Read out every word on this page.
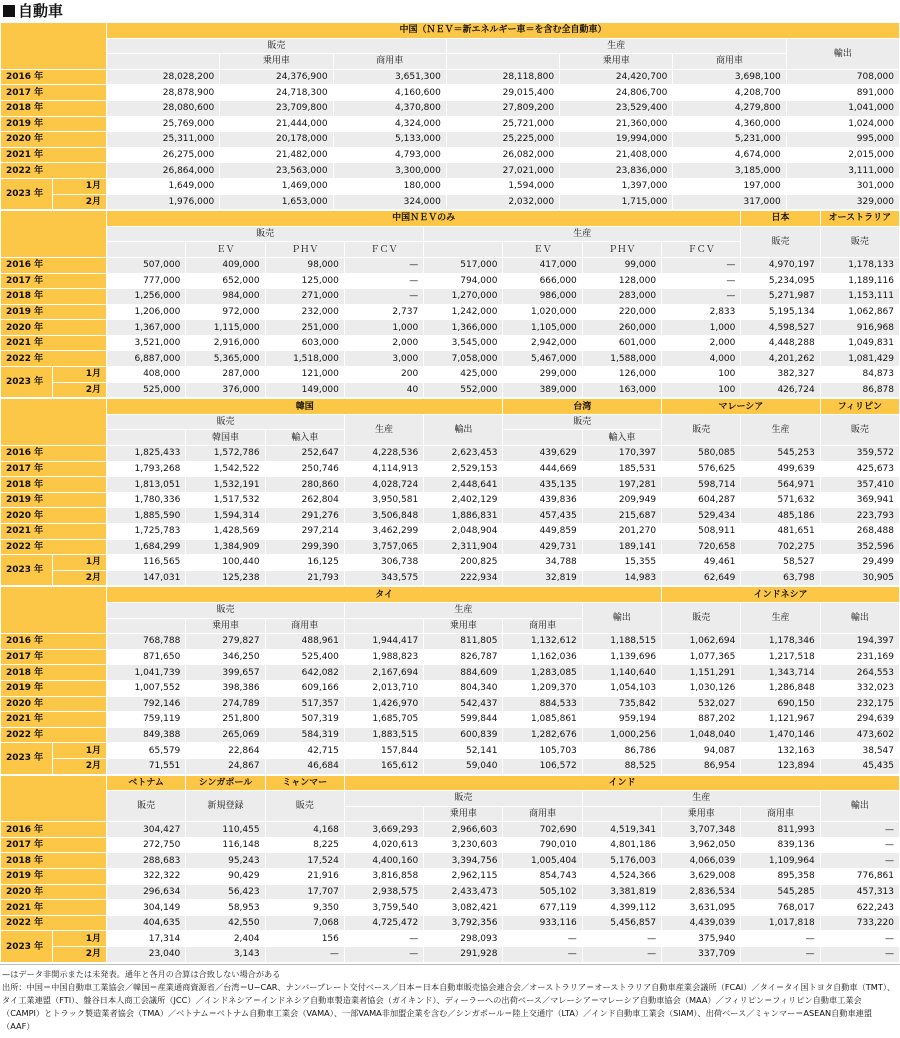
自動車
		中国（ＮＥＶ＝新エネルギー車＝を含む全自動車）						
		販売			生産			輸出
			乗用車	商用車		乗用車	商用車	
2016 年		28,028,200	24,376,900	3,651,300	28,118,800	24,420,700	3,698,100	708,000
2017 年		28,878,900	24,718,300	4,160,600	29,015,400	24,806,700	4,208,700	891,000
2018 年		28,080,600	23,709,800	4,370,800	27,809,200	23,529,400	4,279,800	1,041,000
2019 年		25,769,000	21,444,000	4,324,000	25,721,000	21,360,000	4,360,000	1,024,000
2020 年		25,311,000	20,178,000	5,133,000	25,225,000	19,994,000	5,231,000	995,000
2021 年		26,275,000	21,482,000	4,793,000	26,082,000	21,408,000	4,674,000	2,015,000
2022 年		26,864,000	23,563,000	3,300,000	27,021,000	23,836,000	3,185,000	3,111,000
2023 年	1月	1,649,000	1,469,000	180,000	1,594,000	1,397,000	197,000	301,000
	2月	1,976,000	1,653,000	324,000	2,032,000	1,715,000	317,000	329,000
		中国ＮＥＶのみ								日本	オーストラリア
		販売				生産				販売	販売
			ＥＶ	ＰＨＶ	ＦＣＶ		ＥＶ	ＰＨＶ	ＦＣＶ		
2016 年		507,000	409,000	98,000	—	517,000	417,000	99,000	—	4,970,197	1,178,133
2017 年		777,000	652,000	125,000	—	794,000	666,000	128,000	—	5,234,095	1,189,116
2018 年		1,256,000	984,000	271,000	—	1,270,000	986,000	283,000	—	5,271,987	1,153,111
2019 年		1,206,000	972,000	232,000	2,737	1,242,000	1,020,000	220,000	2,833	5,195,134	1,062,867
2020 年		1,367,000	1,115,000	251,000	1,000	1,366,000	1,105,000	260,000	1,000	4,598,527	916,968
2021 年		3,521,000	2,916,000	603,000	2,000	3,545,000	2,942,000	601,000	2,000	4,448,288	1,049,831
2022 年		6,887,000	5,365,000	1,518,000	3,000	7,058,000	5,467,000	1,588,000	4,000	4,201,262	1,081,429
2023 年	1月	408,000	287,000	121,000	200	425,000	299,000	126,000	100	382,327	84,873
	2月	525,000	376,000	149,000	40	552,000	389,000	163,000	100	426,724	86,878
		韓国					台湾		マレーシア		フィリピン
		販売			生産	輸出	販売		販売	生産	販売
			韓国車	輸入車				輸入車			
2016 年		1,825,433	1,572,786	252,647	4,228,536	2,623,453	439,629	170,397	580,085	545,253	359,572
2017 年		1,793,268	1,542,522	250,746	4,114,913	2,529,153	444,669	185,531	576,625	499,639	425,673
2018 年		1,813,051	1,532,191	280,860	4,028,724	2,448,641	435,135	197,281	598,714	564,971	357,410
2019 年		1,780,336	1,517,532	262,804	3,950,581	2,402,129	439,836	209,949	604,287	571,632	369,941
2020 年		1,885,590	1,594,314	291,276	3,506,848	1,886,831	457,435	215,687	529,434	485,186	223,793
2021 年		1,725,783	1,428,569	297,214	3,462,299	2,048,904	449,859	201,270	508,911	481,651	268,488
2022 年		1,684,299	1,384,909	299,390	3,757,065	2,311,904	429,731	189,141	720,658	702,275	352,596
2023 年	1月	116,565	100,440	16,125	306,738	200,825	34,788	15,355	49,461	58,527	29,499
	2月	147,031	125,238	21,793	343,575	222,934	32,819	14,983	62,649	63,798	30,905
		タイ							インドネシア		
		販売			生産			輸出	販売	生産	輸出
			乗用車	商用車		乗用車	商用車				
2016 年		768,788	279,827	488,961	1,944,417	811,805	1,132,612	1,188,515	1,062,694	1,178,346	194,397
2017 年		871,650	346,250	525,400	1,988,823	826,787	1,162,036	1,139,696	1,077,365	1,217,518	231,169
2018 年		1,041,739	399,657	642,082	2,167,694	884,609	1,283,085	1,140,640	1,151,291	1,343,714	264,553
2019 年		1,007,552	398,386	609,166	2,013,710	804,340	1,209,370	1,054,103	1,030,126	1,286,848	332,023
2020 年		792,146	274,789	517,357	1,426,970	542,437	884,533	735,842	532,027	690,150	232,175
2021 年		759,119	251,800	507,319	1,685,705	599,844	1,085,861	959,194	887,202	1,121,967	294,639
2022 年		849,388	265,069	584,319	1,883,515	600,839	1,282,676	1,000,256	1,048,040	1,470,146	473,602
2023 年	1月	65,579	22,864	42,715	157,844	52,141	105,703	86,786	94,087	132,163	38,547
	2月	71,551	24,867	46,684	165,612	59,040	106,572	88,525	86,954	123,894	45,435
		ベトナム	シンガポール	ミャンマー	インド						
		販売	新規登録	販売	販売			生産			輸出
						乗用車	商用車		乗用車	商用車	
2016 年		304,427	110,455	4,168	3,669,293	2,966,603	702,690	4,519,341	3,707,348	811,993	—
2017 年		272,750	116,148	8,225	4,020,613	3,230,603	790,010	4,801,186	3,962,050	839,136	—
2018 年		288,683	95,243	17,524	4,400,160	3,394,756	1,005,404	5,176,003	4,066,039	1,109,964	—
2019 年		322,322	90,429	21,916	3,816,858	2,962,115	854,743	4,524,366	3,629,008	895,358	776,861
2020 年		296,634	56,423	17,707	2,938,575	2,433,473	505,102	3,381,819	2,836,534	545,285	457,313
2021 年		304,149	58,953	9,350	3,759,540	3,082,421	677,119	4,399,112	3,631,095	768,017	622,243
2022 年		404,635	42,550	7,068	4,725,472	3,792,356	933,116	5,456,857	4,439,039	1,017,818	733,220
2023 年	1月	17,314	2,404	156	—	298,093	—	—	375,940	—	—
	2月	23,040	3,143	—	—	291,928	—	—	337,709	—	—
—はデータ非開示または未発表。通年と各月の合算は合致しない場合がある
出所：中国＝中国自動車工業協会／韓国＝産業通商資源省／台湾＝U−CAR、ナンバープレート交付ベース／日本＝日本自動車販売協会連合会／オーストラリア＝オーストラリア自動車産業会議所（FCAI）／タイ＝タイ国トヨタ自動車（TMT）、タイ工業連盟（FTI）、盤谷日本人商工会議所（JCC）／インドネシア＝インドネシア自動車製造業者協会（ガイキンド）、ディーラーへの出荷ベース／マレーシア＝マレーシア自動車協会（MAA）／フィリピン＝フィリピン自動車工業会（CAMPI）とトラック製造業者協会（TMA）／ベトナム＝ベトナム自動車工業会（VAMA）、一部VAMA非加盟企業を含む／シンガポール＝陸上交通庁（LTA）／インド自動車工業会（SIAM）、出荷ベース／ミャンマー＝ASEAN自動車連盟（AAF）
